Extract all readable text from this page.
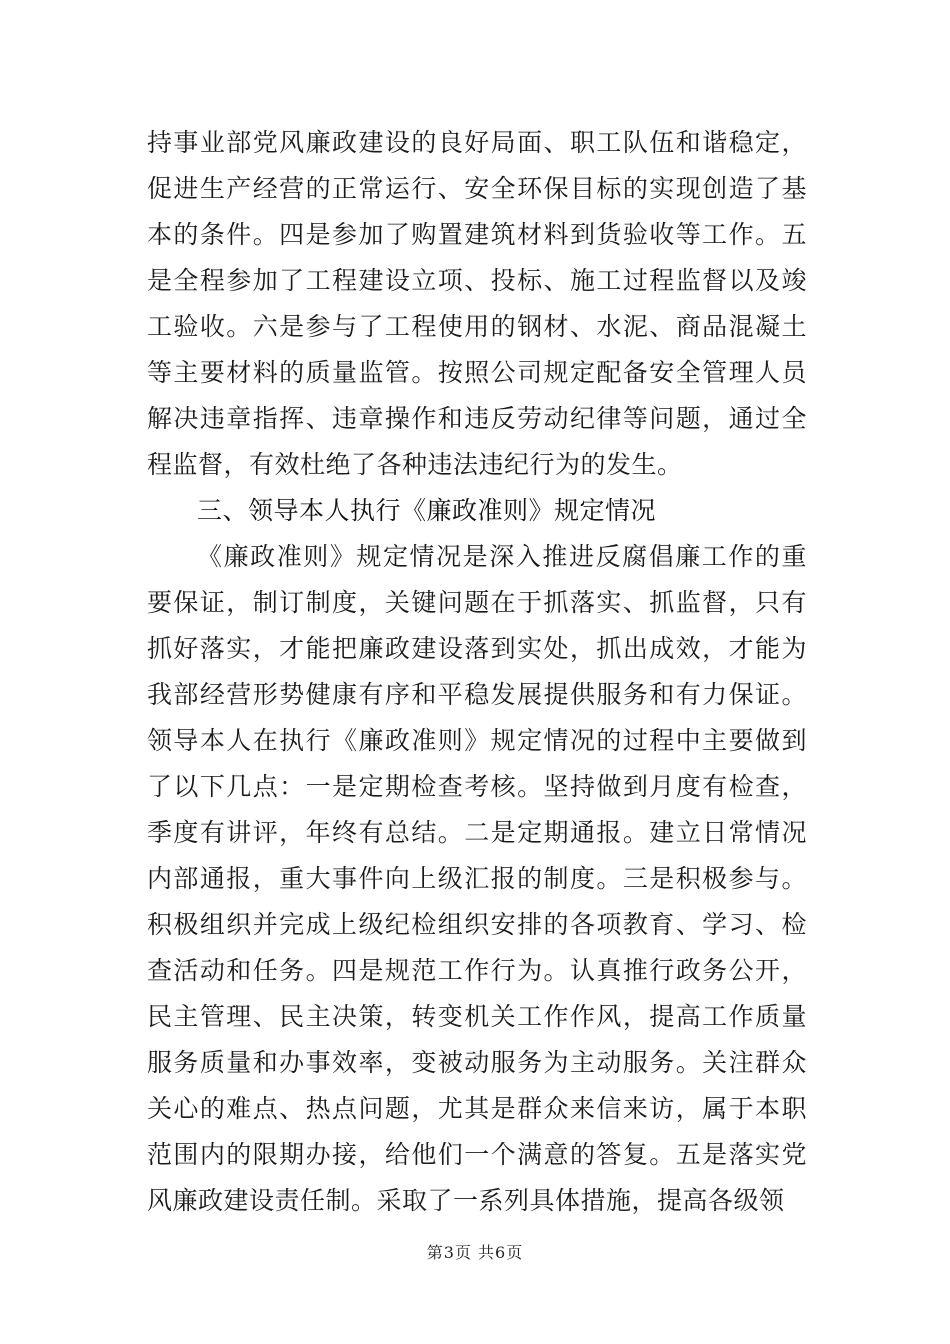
持事业部党风廉政建设的良好局面、职工队伍和谐稳定，促进生产经营的正常运行、安全环保目标的实现创造了基本的条件。四是参加了购置建筑材料到货验收等工作。五是全程参加了工程建设立项、投标、施工过程监督以及竣工验收。六是参与了工程使用的钢材、水泥、商品混凝土等主要材料的质量监管。按照公司规定配备安全管理人员解决违章指挥、违章操作和违反劳动纪律等问题，通过全程监督，有效杜绝了各种违法违纪行为的发生。

三、领导本人执行《廉政准则》规定情况

《廉政准则》规定情况是深入推进反腐倡廉工作的重要保证，制订制度，关键问题在于抓落实、抓监督，只有抓好落实，才能把廉政建设落到实处，抓出成效，才能为我部经营形势健康有序和平稳发展提供服务和有力保证。领导本人在执行《廉政准则》规定情况的过程中主要做到了以下几点：一是定期检查考核。坚持做到月度有检查，季度有讲评，年终有总结。二是定期通报。建立日常情况内部通报，重大事件向上级汇报的制度。三是积极参与。积极组织并完成上级纪检组织安排的各项教育、学习、检查活动和任务。四是规范工作行为。认真推行政务公开，民主管理、民主决策，转变机关工作作风，提高工作质量服务质量和办事效率，变被动服务为主动服务。关注群众关心的难点、热点问题，尤其是群众来信来访，属于本职范围内的限期办接，给他们一个满意的答复。五是落实党风廉政建设责任制。采取了一系列具体措施，提高各级领

第3页 共6页
